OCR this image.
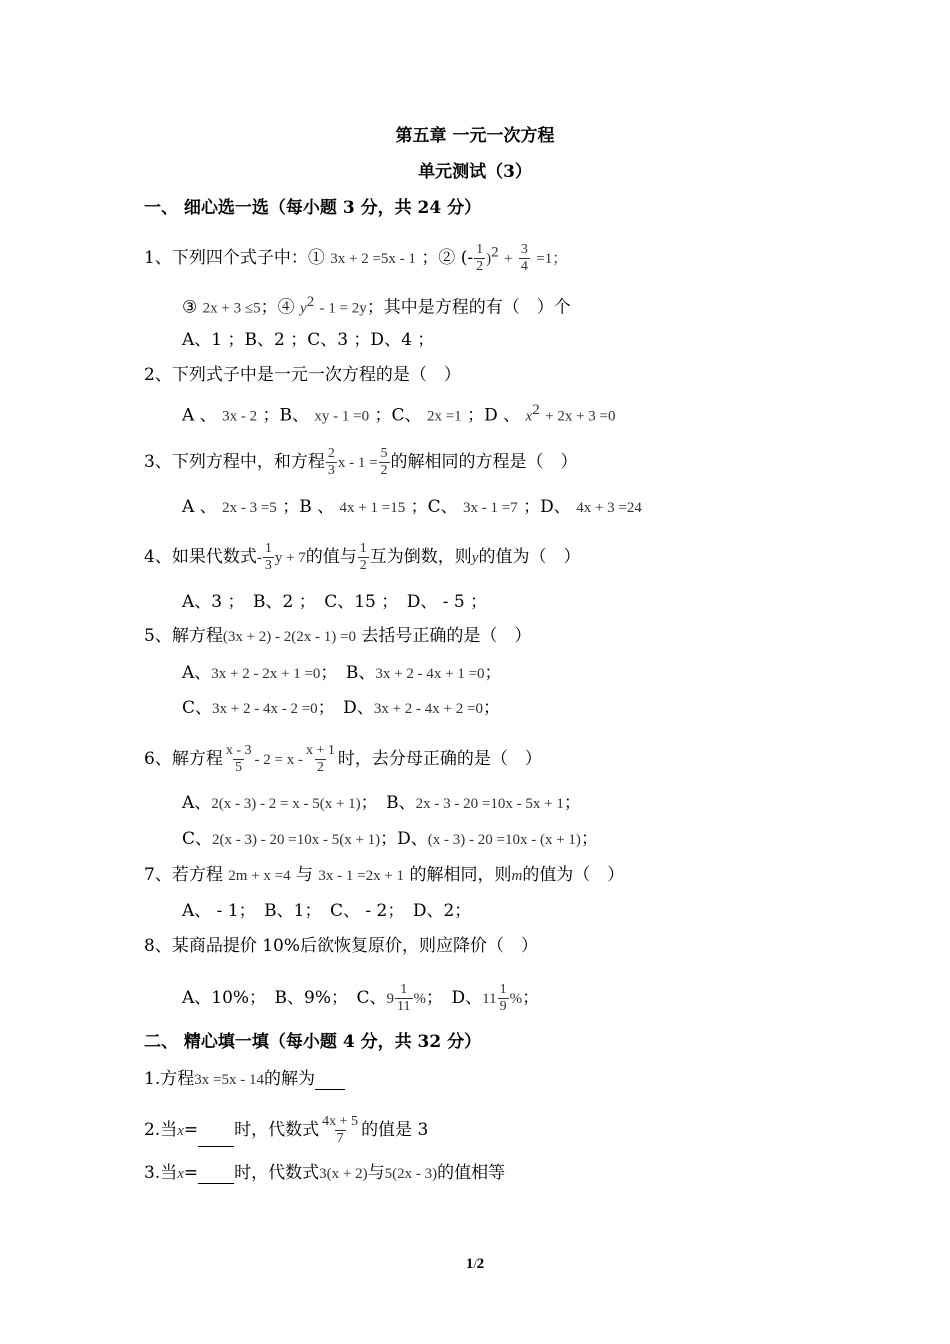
第五章 一元一次方程
单元测试（3）
一、 细心选一选（每小题 3 分，共 24 分）
1、下列四个式子中：① 3x + 2 =5x - 1 ；② (- $\frac{1}{2} )^2 + \frac{3}{4} =1$；
③ 2x + 3 ≤5；④ $y^2 - 1 = 2y$；其中是方程的有（　）个
A、1 ；B、2 ；C、3 ；D、4 ；
2、下列式子中是一元一次方程的是（　）
A 、 3x - 2 ；B、 xy - 1 =0 ；C、 2x =1 ；D 、 $x^2 + 2x + 3 =0$
3、下列方程中，和方程 $\frac{2}{3}$ $x - 1 = \frac{5}{2}$ 的解相同的方程是（　）
A 、 2x - 3 =5 ；B 、 4x + 1 =15 ；C、 3x - 1 =7 ；D、 4x + 3 =24
4、如果代数式- $\frac{1}{3}$ y + 7的值与 $\frac{1}{2}$ 互为倒数，则y的值为（　）
A、3 ；　B、2 ；　C、15 ；　D、 - 5 ；
5、解方程(3x + 2) - 2(2x - 1) =0 去括号正确的是（　）
A、3x + 2 - 2x + 1 =0；　B、3x + 2 - 4x + 1 =0；
C、3x + 2 - 4x - 2 =0；　D、3x + 2 - 4x + 2 =0；
6、解方程 $\frac{x - 3}{5} - 2 = x - \frac{x + 1}{2}$ 时，去分母正确的是（　）
A、2(x - 3) - 2 = x - 5(x + 1)；　B、2x - 3 - 20 =10x - 5x + 1；
C、2(x - 3) - 20 =10x - 5(x + 1)；D、(x - 3) - 20 =10x - (x + 1)；
7、若方程 2m + x =4 与 3x - 1 =2x + 1 的解相同，则m的值为（　）
A、 - 1；　B、1；　C、 - 2；　D、2；
8、某商品提价 10%后欲恢复原价，则应降价（　）
A、10%；　B、9%；　C、$9 \frac{1}{11}$ %；　D、$11 \frac{1}{9}$ %；
二、 精心填一填（每小题 4 分，共 32 分）
1.方程3x =5x - 14的解为
2.当x= 时，代数式 $\frac{4x + 5}{7}$ 的值是 3
3.当x= 时，代数式3(x + 2)与5(2x - 3)的值相等
1/2
